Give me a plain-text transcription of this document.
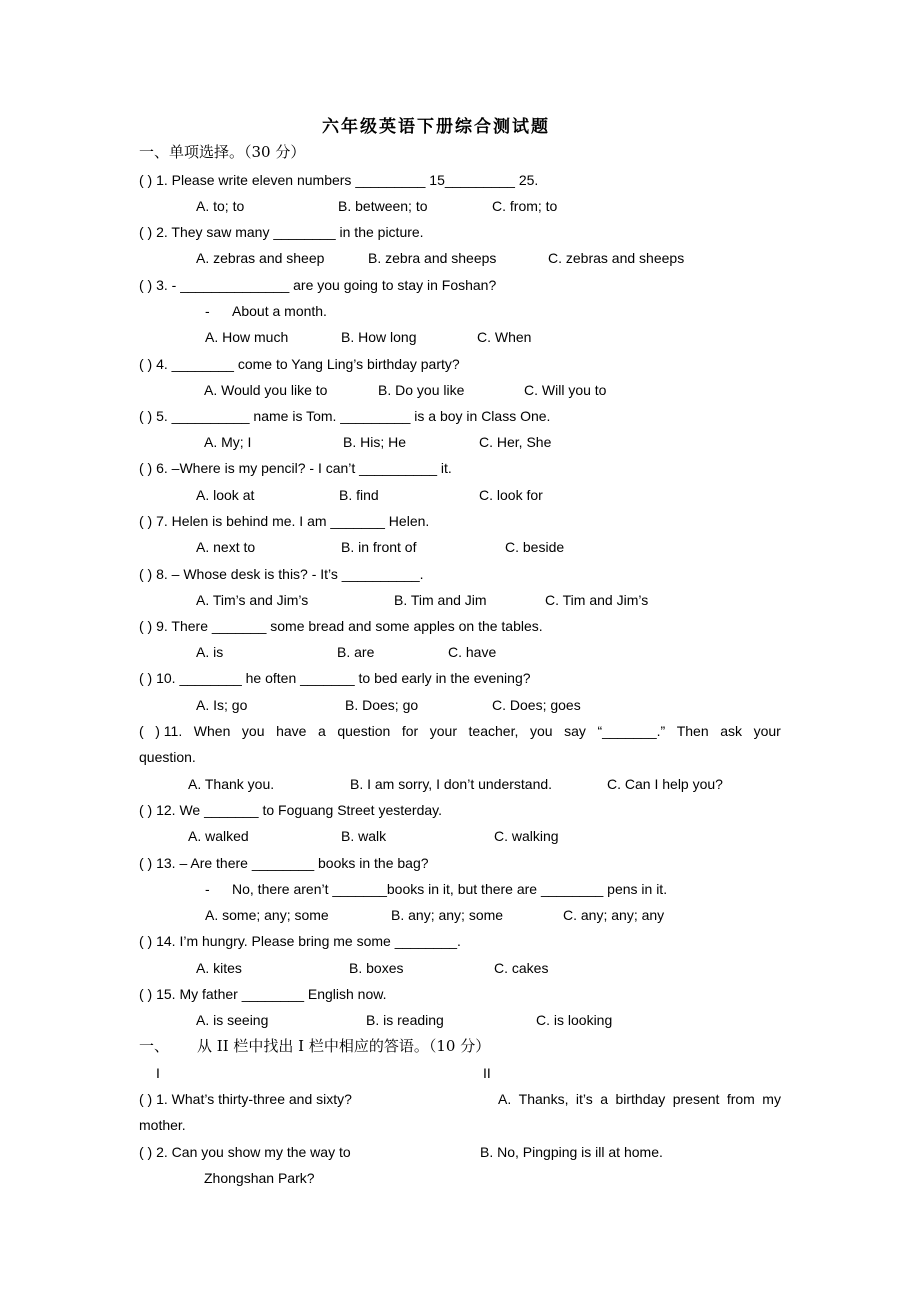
六年级英语下册综合测试题
一、单项选择。（30 分）
( ) 1. Please write eleven numbers _________ 15_________ 25.
A. to; to	B. between; to	C. from; to
( ) 2. They saw many ________ in the picture.
A. zebras and sheep	B. zebra and sheeps	C. zebras and sheeps
( ) 3. - ______________ are you going to stay in Foshan?
- About a month.
A. How much	B. How long	C. When
( ) 4. ________ come to Yang Ling’s birthday party?
A. Would you like to	B. Do you like	C. Will you to
( ) 5. __________ name is Tom. _________ is a boy in Class One.
A. My; I	B. His; He	C. Her, She
( ) 6. –Where is my pencil? - I can’t __________ it.
A. look at	B. find	C. look for
( ) 7. Helen is behind me. I am _______ Helen.
A. next to	B. in front of	C. beside
( ) 8. – Whose desk is this? - It’s __________.
A. Tim’s and Jim’s	B. Tim and Jim	C. Tim and Jim’s
( ) 9. There _______ some bread and some apples on the tables.
A. is	B. are	C. have
( ) 10. ________ he often _______ to bed early in the evening?
A. Is; go	B. Does; go	C. Does; goes
( ) 11. When you have a question for your teacher, you say “_______.” Then ask your
question.
A. Thank you.	B. I am sorry, I don’t understand.	C. Can I help you?
( ) 12. We _______ to Foguang Street yesterday.
A. walked	B. walk	C. walking
( ) 13. – Are there ________ books in the bag?
- No, there aren’t _______books in it, but there are ________ pens in it.
A. some; any; some	B. any; any; some	C. any; any; any
( ) 14. I’m hungry. Please bring me some ________.
A. kites	B. boxes	C. cakes
( ) 15. My father ________ English now.
A. is seeing	B. is reading	C. is looking
一、 从 II 栏中找出 I 栏中相应的答语。（10 分）
I	II
( ) 1. What’s thirty-three and sixty?	A. Thanks, it’s a birthday present from my
mother.
( ) 2. Can you show my the way to	B. No, Pingping is ill at home.
Zhongshan Park?
